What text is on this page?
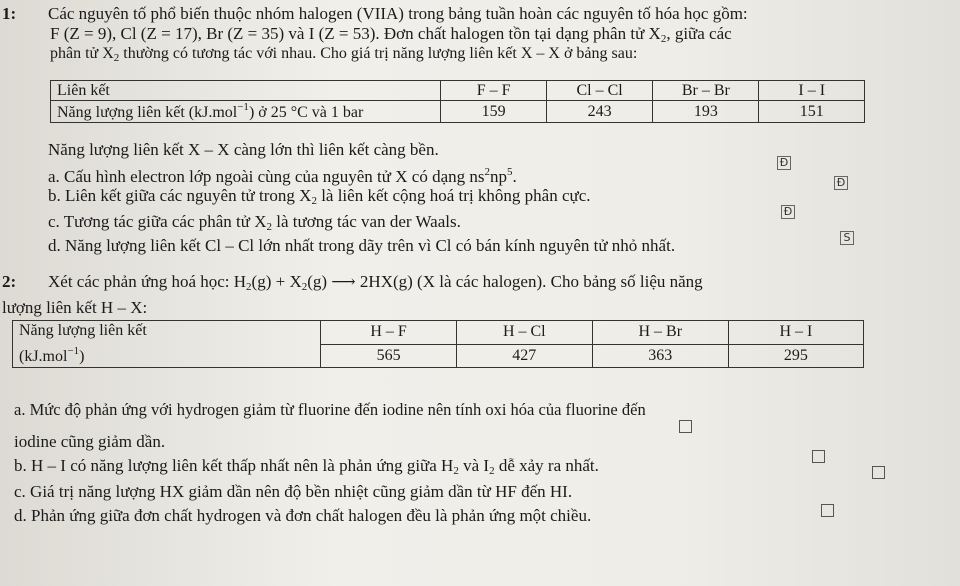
1: Các nguyên tố phổ biến thuộc nhóm halogen (VIIA) trong bảng tuần hoàn các nguyên tố hóa học gồm:
F (Z = 9), Cl (Z = 17), Br (Z = 35) và I (Z = 53). Đơn chất halogen tồn tại dạng phân tử $X_2$, giữa các
phân tử $X_2$ thường có tương tác với nhau. Cho giá trị năng lượng liên kết X – X ở bảng sau:
Liên kết	F – F	Cl – Cl	Br – Br	I – I
Năng lượng liên kết (kJ.mol$^{-1}$) ở 25 °C và 1 bar	159	243	193	151
Năng lượng liên kết X – X càng lớn thì liên kết càng bền.
a. Cấu hình electron lớp ngoài cùng của nguyên tử X có dạng $ns^2np^5$.
Đ
b. Liên kết giữa các nguyên tử trong $X_2$ là liên kết cộng hoá trị không phân cực.
Đ
c. Tương tác giữa các phân tử $X_2$ là tương tác van der Waals.
Đ
d. Năng lượng liên kết Cl – Cl lớn nhất trong dãy trên vì Cl có bán kính nguyên tử nhỏ nhất.	S
2: Xét các phản ứng hoá học: $H_2(g) + X_2(g)$ ⟶ 2HX(g) (X là các halogen). Cho bảng số liệu năng
lượng liên kết H – X:
Năng lượng liên kết
(kJ.mol$^{-1}$)	H – F	H – Cl	H – Br	H – I
	565	427	363	295
a. Mức độ phản ứng với hydrogen giảm từ fluorine đến iodine nên tính oxi hóa của fluorine đến
iodine cũng giảm dần.
b. H – I có năng lượng liên kết thấp nhất nên là phản ứng giữa $H_2$ và $I_2$ dễ xảy ra nhất.
c. Giá trị năng lượng HX giảm dần nên độ bền nhiệt cũng giảm dần từ HF đến HI.
d. Phản ứng giữa đơn chất hydrogen và đơn chất halogen đều là phản ứng một chiều.
